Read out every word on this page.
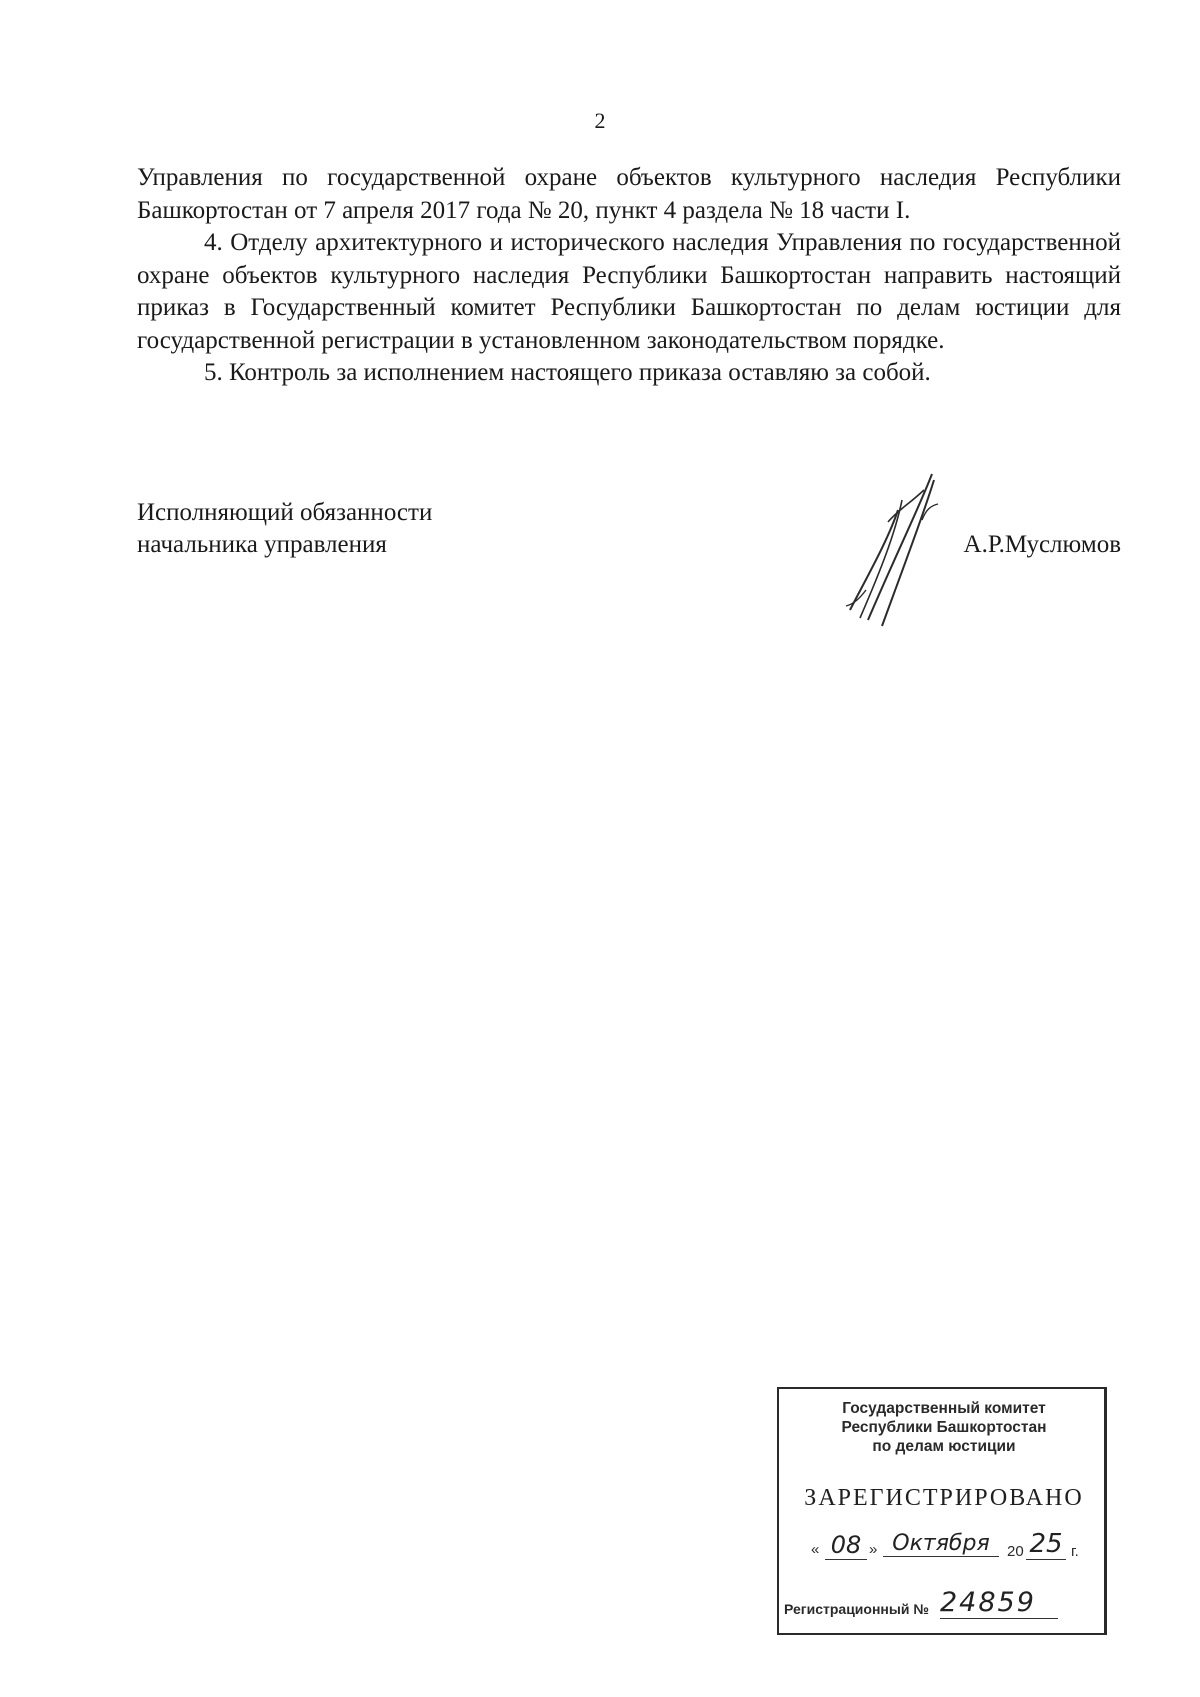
2

Управления по государственной охране объектов культурного наследия Республики Башкортостан от 7 апреля 2017 года № 20, пункт 4 раздела № 18 части I.

4. Отделу архитектурного и исторического наследия Управления по государственной охране объектов культурного наследия Республики Башкортостан направить настоящий приказ в Государственный комитет Республики Башкортостан по делам юстиции для государственной регистрации в установленном законодательством порядке.

5. Контроль за исполнением настоящего приказа оставляю за собой.

Исполняющий обязанности
начальника управления	А.Р.Муслюмов
Государственный комитет
Республики Башкортостан
по делам юстиции
ЗАРЕГИСТРИРОВАНО
« 08 » Октября	20 25 г.
Регистрационный № 24859
